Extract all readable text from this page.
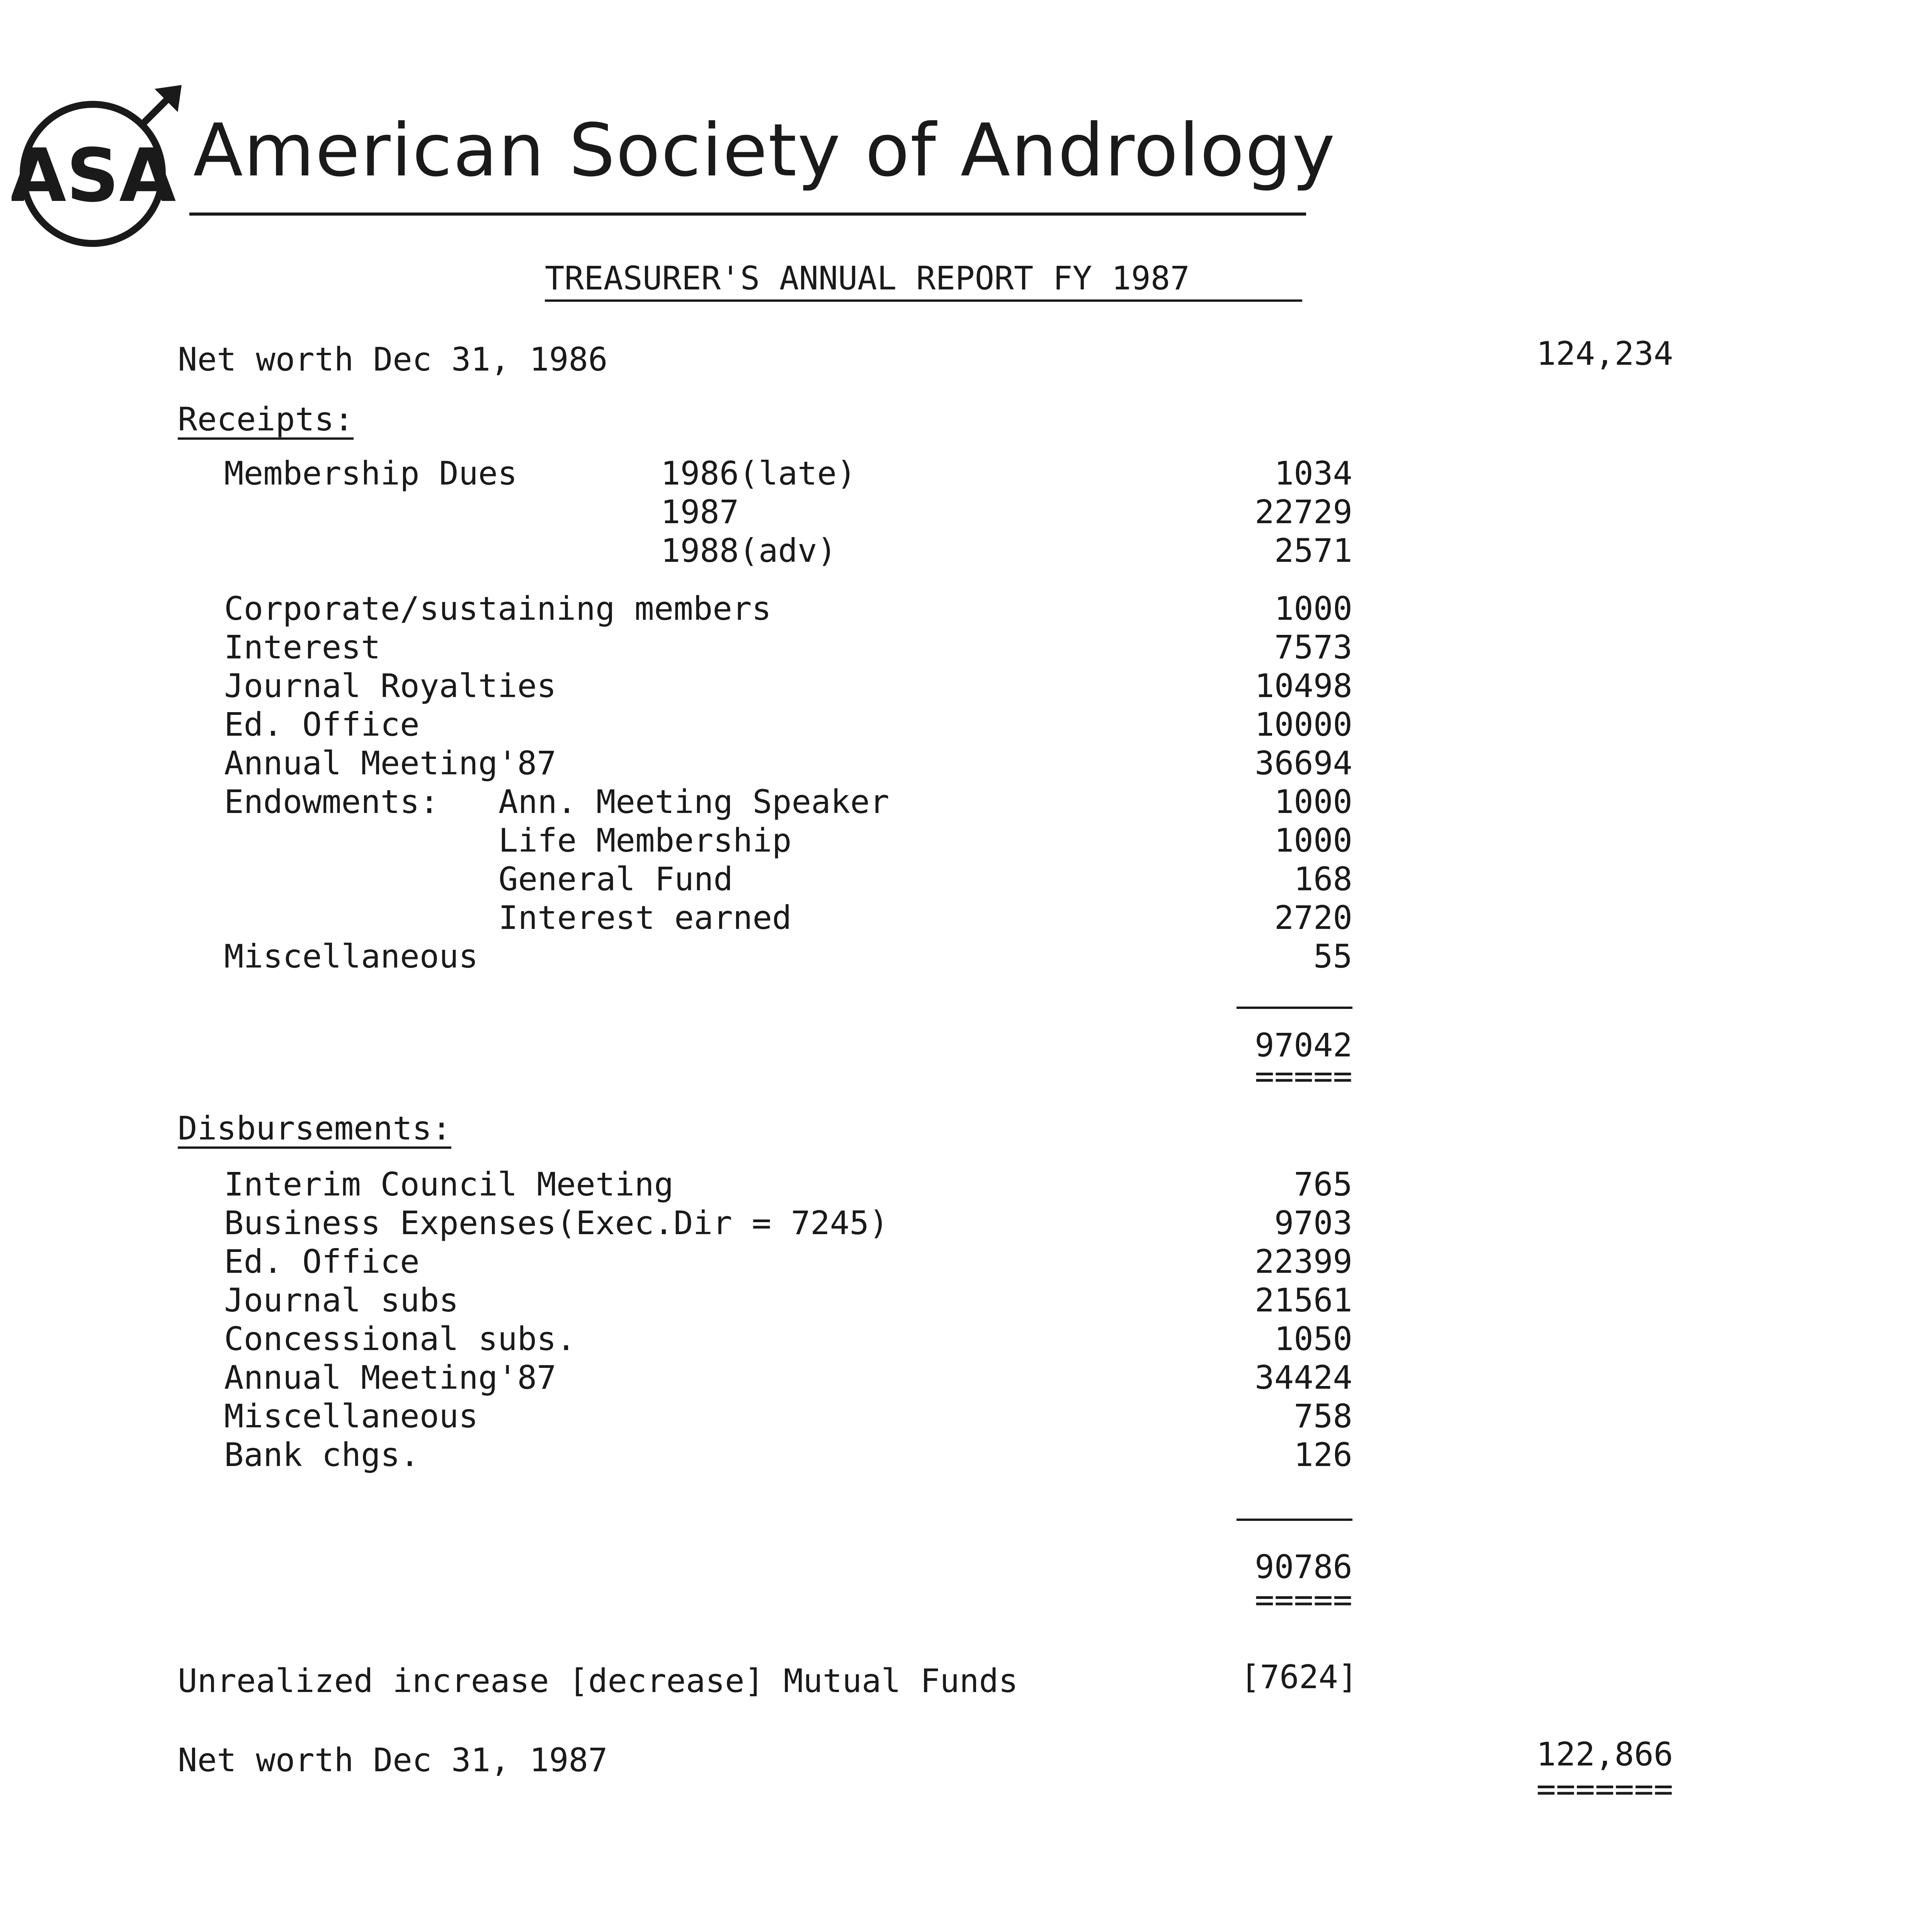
ASA American Society of Andrology
TREASURER'S ANNUAL REPORT FY 1987
Net worth Dec 31, 1986	124,234
Receipts:
Membership Dues	1986(late)	1034
1987	22729
1988(adv)	2571
Corporate/sustaining members	1000
Interest	7573
Journal Royalties	10498
Ed. Office	10000
Annual Meeting'87	36694
Endowments: Ann. Meeting Speaker	1000
Life Membership	1000
General Fund	168
Interest earned	2720
Miscellaneous	55
97042
=====
Disbursements:
Interim Council Meeting	765
Business Expenses(Exec.Dir = 7245)	9703
Ed. Office	22399
Journal subs	21561
Concessional subs.	1050
Annual Meeting'87	34424
Miscellaneous	758
Bank chgs.	126
90786
=====
Unrealized increase [decrease] Mutual Funds	[7624]
Net worth Dec 31, 1987	122,866
=======
